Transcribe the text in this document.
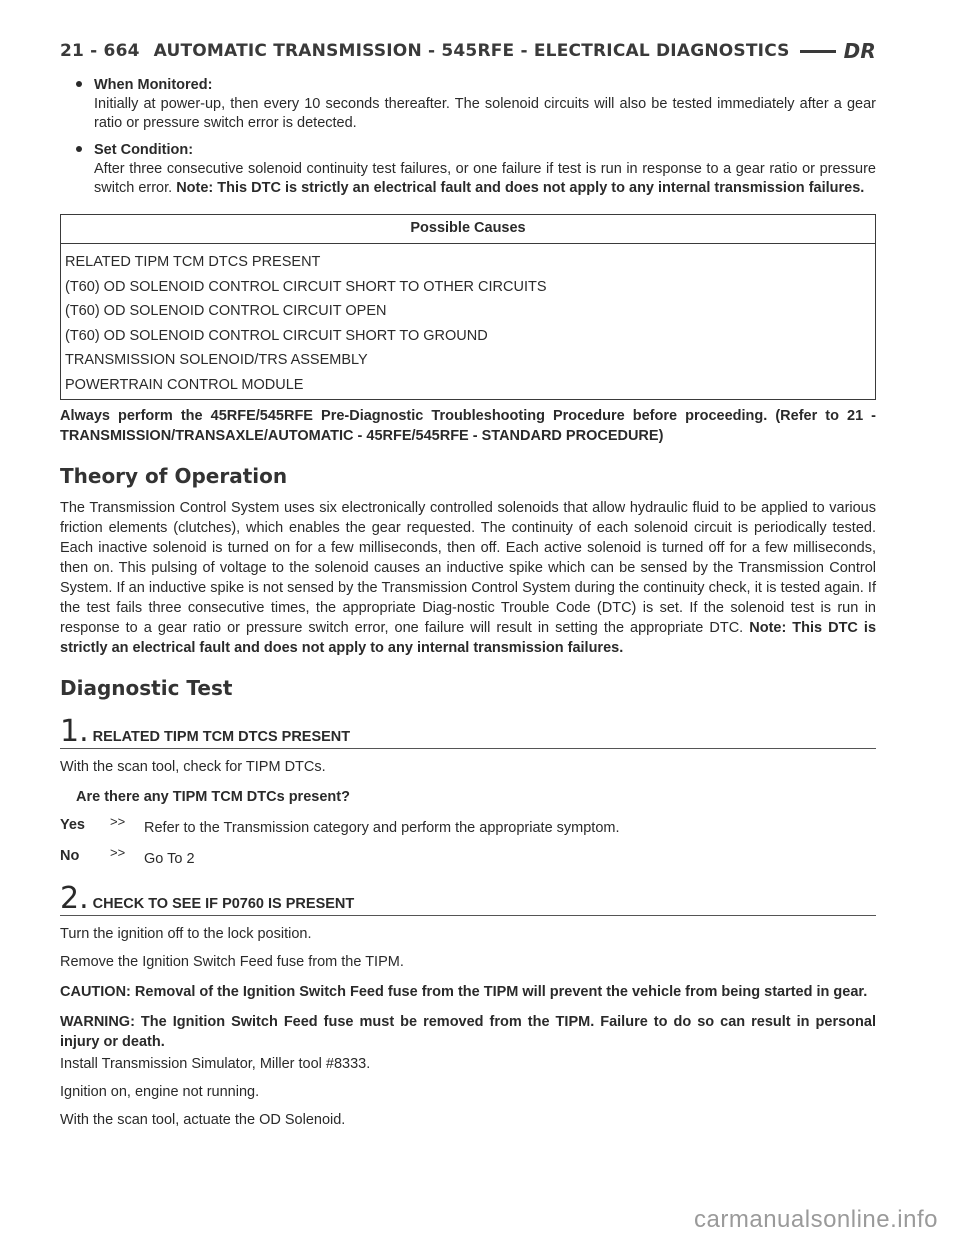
21 - 664 AUTOMATIC TRANSMISSION - 545RFE - ELECTRICAL DIAGNOSTICS	DR
When Monitored:
Initially at power-up, then every 10 seconds thereafter. The solenoid circuits will also be tested immediately after a gear ratio or pressure switch error is detected.
Set Condition:
After three consecutive solenoid continuity test failures, or one failure if test is run in response to a gear ratio or pressure switch error. Note: This DTC is strictly an electrical fault and does not apply to any internal transmission failures.
Possible Causes
RELATED TIPM TCM DTCS PRESENT
(T60) OD SOLENOID CONTROL CIRCUIT SHORT TO OTHER CIRCUITS
(T60) OD SOLENOID CONTROL CIRCUIT OPEN
(T60) OD SOLENOID CONTROL CIRCUIT SHORT TO GROUND
TRANSMISSION SOLENOID/TRS ASSEMBLY
POWERTRAIN CONTROL MODULE
Always perform the 45RFE/545RFE Pre-Diagnostic Troubleshooting Procedure before proceeding. (Refer to 21 - TRANSMISSION/TRANSAXLE/AUTOMATIC - 45RFE/545RFE - STANDARD PROCEDURE)
Theory of Operation
The Transmission Control System uses six electronically controlled solenoids that allow hydraulic fluid to be applied to various friction elements (clutches), which enables the gear requested. The continuity of each solenoid circuit is periodically tested. Each inactive solenoid is turned on for a few milliseconds, then off. Each active solenoid is turned off for a few milliseconds, then on. This pulsing of voltage to the solenoid causes an inductive spike which can be sensed by the Transmission Control System. If an inductive spike is not sensed by the Transmission Control System during the continuity check, it is tested again. If the test fails three consecutive times, the appropriate Diag-nostic Trouble Code (DTC) is set. If the solenoid test is run in response to a gear ratio or pressure switch error, one failure will result in setting the appropriate DTC. Note: This DTC is strictly an electrical fault and does not apply to any internal transmission failures.
Diagnostic Test
1. RELATED TIPM TCM DTCS PRESENT
With the scan tool, check for TIPM DTCs.
Are there any TIPM TCM DTCs present?
Yes	>>	Refer to the Transmission category and perform the appropriate symptom.
No	>>	Go To 2
2. CHECK TO SEE IF P0760 IS PRESENT
Turn the ignition off to the lock position.
Remove the Ignition Switch Feed fuse from the TIPM.
CAUTION: Removal of the Ignition Switch Feed fuse from the TIPM will prevent the vehicle from being started in gear.
WARNING: The Ignition Switch Feed fuse must be removed from the TIPM. Failure to do so can result in personal injury or death.
Install Transmission Simulator, Miller tool #8333.
Ignition on, engine not running.
With the scan tool, actuate the OD Solenoid.
carmanualsonline.info
